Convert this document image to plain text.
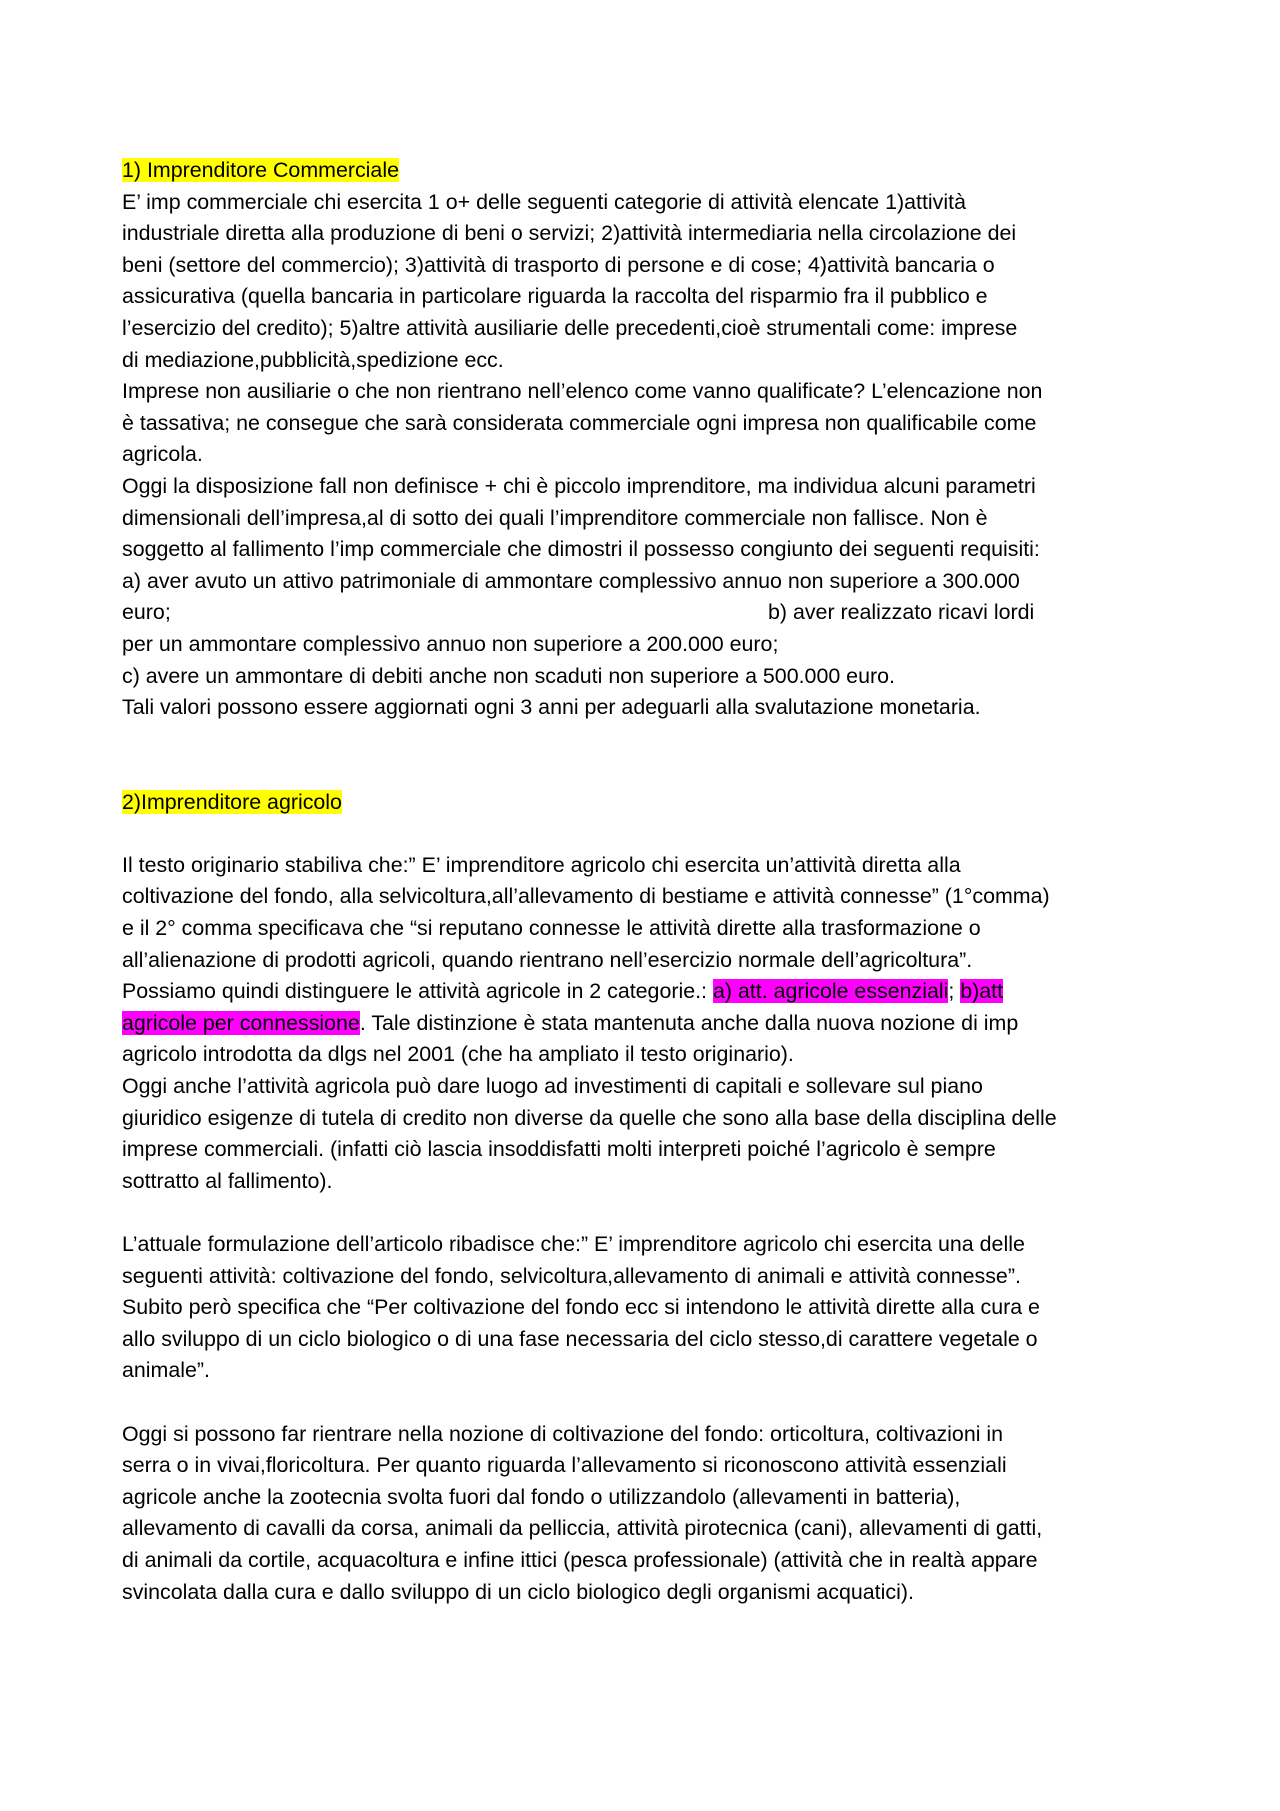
1) Imprenditore Commerciale
E’ imp commerciale chi esercita 1 o+ delle seguenti categorie di attività elencate 1)attività
industriale diretta alla produzione di beni o servizi; 2)attività intermediaria nella circolazione dei
beni (settore del commercio); 3)attività di trasporto di persone e di cose; 4)attività bancaria o
assicurativa (quella bancaria in particolare riguarda la raccolta del risparmio fra il pubblico e
l’esercizio del credito); 5)altre attività ausiliarie delle precedenti,cioè strumentali come: imprese
di mediazione,pubblicità,spedizione ecc.
Imprese non ausiliarie o che non rientrano nell’elenco come vanno qualificate? L’elencazione non
è tassativa; ne consegue che sarà considerata commerciale ogni impresa non qualificabile come
agricola.
Oggi la disposizione fall non definisce + chi è piccolo imprenditore, ma individua alcuni parametri
dimensionali dell’impresa,al di sotto dei quali l’imprenditore commerciale non fallisce. Non è
soggetto al fallimento l’imp commerciale che dimostri il possesso congiunto dei seguenti requisiti:
a) aver avuto un attivo patrimoniale di ammontare complessivo annuo non superiore a 300.000
euro;	b) aver realizzato ricavi lordi
per un ammontare complessivo annuo non superiore a 200.000 euro;
c) avere un ammontare di debiti anche non scaduti non superiore a 500.000 euro.
Tali valori possono essere aggiornati ogni 3 anni per adeguarli alla svalutazione monetaria.
2)Imprenditore agricolo
Il testo originario stabiliva che:” E’ imprenditore agricolo chi esercita un’attività diretta alla
coltivazione del fondo, alla selvicoltura,all’allevamento di bestiame e attività connesse” (1°comma)
e il 2° comma specificava che “si reputano connesse le attività dirette alla trasformazione o
all’alienazione di prodotti agricoli, quando rientrano nell’esercizio normale dell’agricoltura”.
Possiamo quindi distinguere le attività agricole in 2 categorie.: a) att. agricole essenziali; b)att
agricole per connessione. Tale distinzione è stata mantenuta anche dalla nuova nozione di imp
agricolo introdotta da dlgs nel 2001 (che ha ampliato il testo originario).
Oggi anche l’attività agricola può dare luogo ad investimenti di capitali e sollevare sul piano
giuridico esigenze di tutela di credito non diverse da quelle che sono alla base della disciplina delle
imprese commerciali. (infatti ciò lascia insoddisfatti molti interpreti poiché l’agricolo è sempre
sottratto al fallimento).
L’attuale formulazione dell’articolo ribadisce che:” E’ imprenditore agricolo chi esercita una delle
seguenti attività: coltivazione del fondo, selvicoltura,allevamento di animali e attività connesse”.
Subito però specifica che “Per coltivazione del fondo ecc si intendono le attività dirette alla cura e
allo sviluppo di un ciclo biologico o di una fase necessaria del ciclo stesso,di carattere vegetale o
animale”.
Oggi si possono far rientrare nella nozione di coltivazione del fondo: orticoltura, coltivazioni in
serra o in vivai,floricoltura. Per quanto riguarda l’allevamento si riconoscono attività essenziali
agricole anche la zootecnia svolta fuori dal fondo o utilizzandolo (allevamenti in batteria),
allevamento di cavalli da corsa, animali da pelliccia, attività pirotecnica (cani), allevamenti di gatti,
di animali da cortile, acquacoltura e infine ittici (pesca professionale) (attività che in realtà appare
svincolata dalla cura e dallo sviluppo di un ciclo biologico degli organismi acquatici).
